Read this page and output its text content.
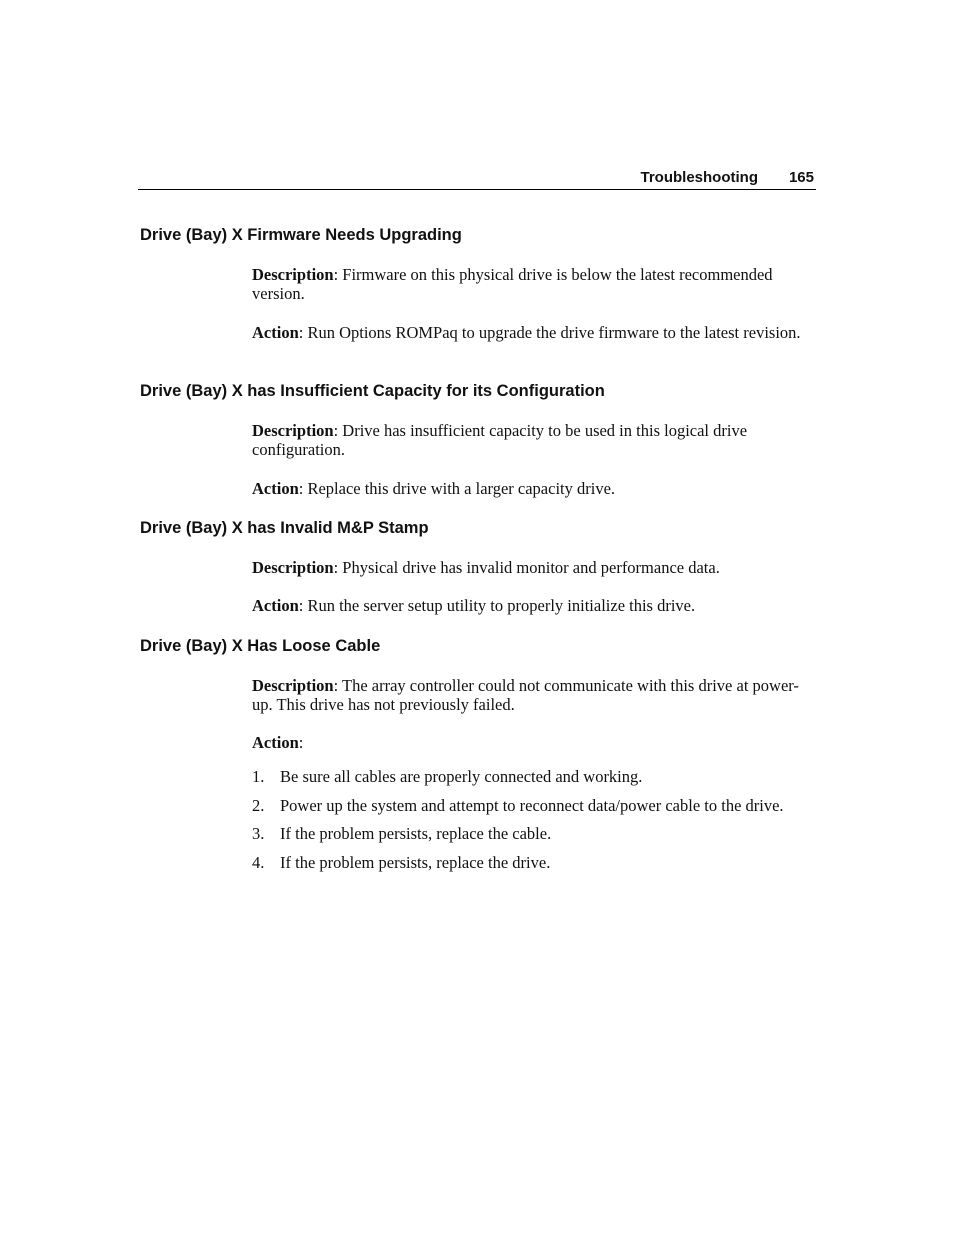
Troubleshooting 165
Drive (Bay) X Firmware Needs Upgrading

Description: Firmware on this physical drive is below the latest recommended version.

Action: Run Options ROMPaq to upgrade the drive firmware to the latest revision.

Drive (Bay) X has Insufficient Capacity for its Configuration

Description: Drive has insufficient capacity to be used in this logical drive configuration.

Action: Replace this drive with a larger capacity drive.

Drive (Bay) X has Invalid M&P Stamp

Description: Physical drive has invalid monitor and performance data.

Action: Run the server setup utility to properly initialize this drive.

Drive (Bay) X Has Loose Cable

Description: The array controller could not communicate with this drive at power-up. This drive has not previously failed.

Action:

1. Be sure all cables are properly connected and working.
2. Power up the system and attempt to reconnect data/power cable to the drive.
3. If the problem persists, replace the cable.
4. If the problem persists, replace the drive.
